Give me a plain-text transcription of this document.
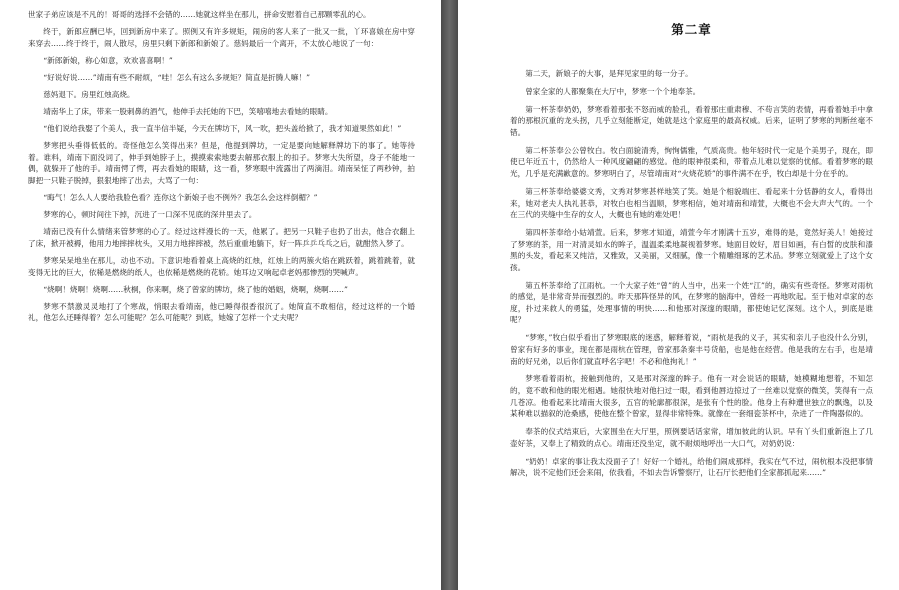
世家子弟应该是不凡的！哥哥的选择不会错的……她就这样坐在那儿，拼命安慰着自己那颗零乱的心。

终于，新郎应酬已毕，回到新房中来了。照例又有许多规矩，闹房的客人来了一批又一批，丫环喜娘在房中穿来穿去……终于终于，闹人散尽，房里只剩下新郎和新娘了。慈妈最后一个离开，不太放心地说了一句：

“新郎新娘，称心如意，欢欢喜喜啊！”

“好说好说……”靖南有些不耐烦，“哇！怎么有这么多规矩？简直是折腾人嘛！”

慈妈退下。房里红烛高烧。

靖南华上了床，带来一股刺鼻的酒气，他伸手去托她的下巴，笑嘻嘻地去看她的眼睛。

“他们说给我娶了个美人，我一直半信半疑，今天在牌坊下，风一吹，把头盖给掀了，我才知道果然如此！”

梦寒把头垂得低低的。奇怪他怎么笑得出来？但是，他提到牌坊，一定是要向她解释牌坊下的事了。她等待着。谁料，靖南下面没词了，伸手到她脖子上，摸摸索索地要去解那衣服上的扣子。梦寒大失所望，身子不能地一偶，就躲开了他的手。靖南愕了愕，再去看她的眼睛，这一看，梦寒眼中流露出了两滴泪。靖南呆怔了两秒钟，拍脚把一只鞋子脱掉，狠狠地摔了出去，大骂了一句：

“晦气！怎么人人要给我脸色看？连你这个新娘子也不例外？我怎么会这样倒楣？”

梦寒的心，顿时间往下掉，沉进了一口深不见底的深井里去了。

靖南已没有什么情绪来管梦寒的心了。经过这样漫长的一天，他累了。把另一只鞋子也扔了出去，他合衣翻上了床，掀开被褥，他用力地摔摔枕头，又用力地摔摔被，然后重重地躺下，好一阵乒乒乓乓之后，就酣然入梦了。

梦寒呆呆地坐在那儿，动也不动。下意识地看着桌上高烧的红烛，红烛上的两簇火焰在跳跃着，跳着跳着，就变得无比的巨大，依稀是燃烧的纸人，也依稀是燃烧的花轿。她耳边又响起卓老妈那惨烈的哭喊声。

“烧啊！烧啊！烧啊……秋桐，你来啊，烧了曾家的牌坊，烧了他的婚姻，烧啊，烧啊……”

梦寒不禁激灵灵地打了个寒战，悄眼去看靖南，他已睡得很香很沉了。她简直不敢相信，经过这样的一个婚礼，他怎么还睡得着？怎么可能呢？怎么可能呢？到底，她嫁了怎样一个丈夫呢？

第二章

第二天，新娘子的大事，是拜见家里的每一分子。

曾家全家的人都聚集在大厅中，梦寒一个个地奉茶。

第一杯茶奉奶奶，梦寒看着那张不怒而威的脸孔，看着那庄重肃穆、不苟言笑的表情，再看着她手中拿着的那根沉重的龙头拐，几乎立刻能断定，她就是这个家庭里的最高权威。后来，证明了梦寒的判断丝毫不错。

第二杯茶奉公公曾牧白。牧白面貌清秀，恂恂儒雅，气质高贵。他年轻时代一定是个美男子，现在，即使已年近五十，仍然给人一种风度翩翩的感觉。他的眼神很柔和，带着点儿难以觉察的忧郁。看着梦寒的眼光，几乎是充满歉意的。梦寒明白了，尽管靖南对“火烧花轿”的事件满不在乎，牧白却是十分在乎的。

第三杯茶奉给婆婆文秀，文秀对梦寒甚样地笑了笑。她是个相貌端庄、看起来十分恬静的女人，看得出来，她对老夫人执礼甚恭，对牧白也相当温顺，梦寒相信，她对靖南和靖萱，大概也不会大声大气的。一个在三代的夹缝中生存的女人，大概也有她的难处吧！

第四杯茶奉给小姑靖萱。后来，梦寒才知道，靖萱今年才刚满十五岁，难得的是，竟然好美人！她接过了梦寒的茶，用一对清灵如水的眸子，温温柔柔地凝视着梦寒。她面目姣好，眉目如画，有白皙的皮肤和漆黑的头发，看起来又纯洁，又雅致，又美丽，又细腻，像一个精雕细琢的艺术品。梦寒立刻就爱上了这个女孩。

第五杯茶奉给了江雨杭。一个大家子姓“曾”的人当中，出来一个姓“江”的，确实有些奇怪。梦寒对雨杭的感觉，是非常奇异而强烈的。昨天那阵怪异的风，在梦寒的脑海中，曾经一再地吹起。至于他对卓家的态度，扑过来救人的勇猛，处理事情的明快……和他那对深邃的眼睛，都使她记忆深刻。这个人，到底是谁呢？

“梦寒，”牧白似乎看出了梦寒眼底的迷惑，解释着说，“雨杭是我的义子，其实和亲儿子也没什么分别，曾家有好多的事业，现在都是雨杭在管理，曾家那条秦丰号货船，也是他在经营。他是我的左右手，也是靖南的好兄弟，以后你们就直呼名字吧！不必和他拘礼！”

梦寒看着雨杭，接触到他的，又是那对深邃的眸子。他有一对会说话的眼睛，她模糊地想着，不知怎的，竟不敢和他的眼光相遇。她很快地对他扫过一眼，看到他唇边掠过了一丝难以觉察的微笑，笑得有一点几苍凉。他看起来比靖南大很多，五官的轮廓都很深，是张有个性的脸。他身上有种遭世独立的飘逸，以及某种难以描叙的沧桑感，使他在整个曾家，显得非常特殊。就像在一套细瓷茶杯中，杂进了一件陶器似的。

奉茶的仪式结束后，大家围坐在大厅里，照例要话话家常，增加彼此的认识。早有丫头们重新泡上了几壶好茶，又奉上了精致的点心。靖南还没坐定，就不耐烦地呼出一大口气，对奶奶说：

“奶奶！卓家的事让我太没面子了！好好一个婚礼，给他们闹成那样，我实在气不过，闹杭根本没把事情解决，说不定他们还会来闹，依我看，不如去告诉警察厅，让石厅长把他们全家都抓起来……”
